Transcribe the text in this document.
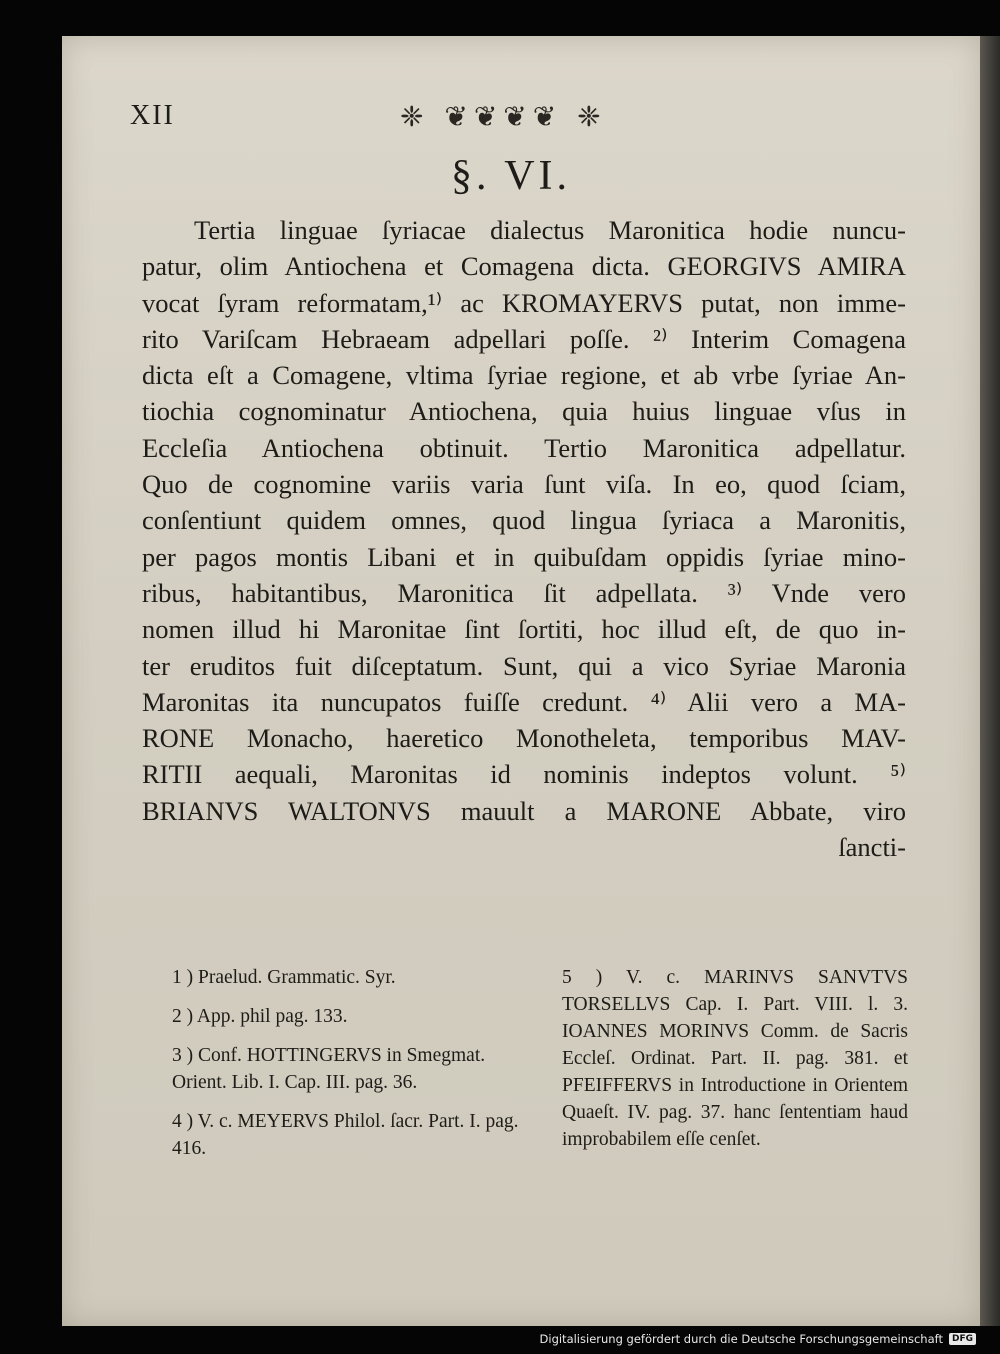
XII	❈ ❦❦❦❦ ❈
§. VI.
Tertia linguae ſyriacae dialectus Maronitica hodie nuncu-
patur, olim Antiochena et Comagena dicta. GEORGIVS AMIRA
vocat ſyram reformatam,¹⁾ ac KROMAYERVS putat, non imme-
rito Variſcam Hebraeam adpellari poſſe. ²⁾ Interim Comagena
dicta eſt a Comagene, vltima ſyriae regione, et ab vrbe ſyriae An-
tiochia cognominatur Antiochena, quia huius linguae vſus in
Eccleſia Antiochena obtinuit. Tertio Maronitica adpellatur.
Quo de cognomine variis varia ſunt viſa. In eo, quod ſciam,
conſentiunt quidem omnes, quod lingua ſyriaca a Maronitis,
per pagos montis Libani et in quibuſdam oppidis ſyriae mino-
ribus, habitantibus, Maronitica ſit adpellata. ³⁾ Vnde vero
nomen illud hi Maronitae ſint ſortiti, hoc illud eſt, de quo in-
ter eruditos fuit diſceptatum. Sunt, qui a vico Syriae Maronia
Maronitas ita nuncupatos fuiſſe credunt. ⁴⁾ Alii vero a MA-
RONE Monacho, haeretico Monotheleta, temporibus MAV-
RITII aequali, Maronitas id nominis indeptos volunt. ⁵⁾
BRIANVS WALTONVS mauult a MARONE Abbate, viro
ſancti-

1 ) Praelud. Grammatic. Syr.

2 ) App. phil pag. 133.

3 ) Conf. HOTTINGERVS in Smegmat. Orient. Lib. I. Cap. III. pag. 36.

4 ) V. c. MEYERVS Philol. ſacr. Part. I. pag. 416.

5 ) V. c. MARINVS SANVTVS TORSELLVS Cap. I. Part. VIII. l. 3. IOANNES MORINVS Comm. de Sacris Eccleſ. Ordinat. Part. II. pag. 381. et PFEIFFERVS in Introductione in Orientem Quaeſt. IV. pag. 37. hanc ſententiam haud improbabilem eſſe cenſet.

Digitalisierung gefördert durch die Deutsche Forschungsgemeinschaft	DFG
